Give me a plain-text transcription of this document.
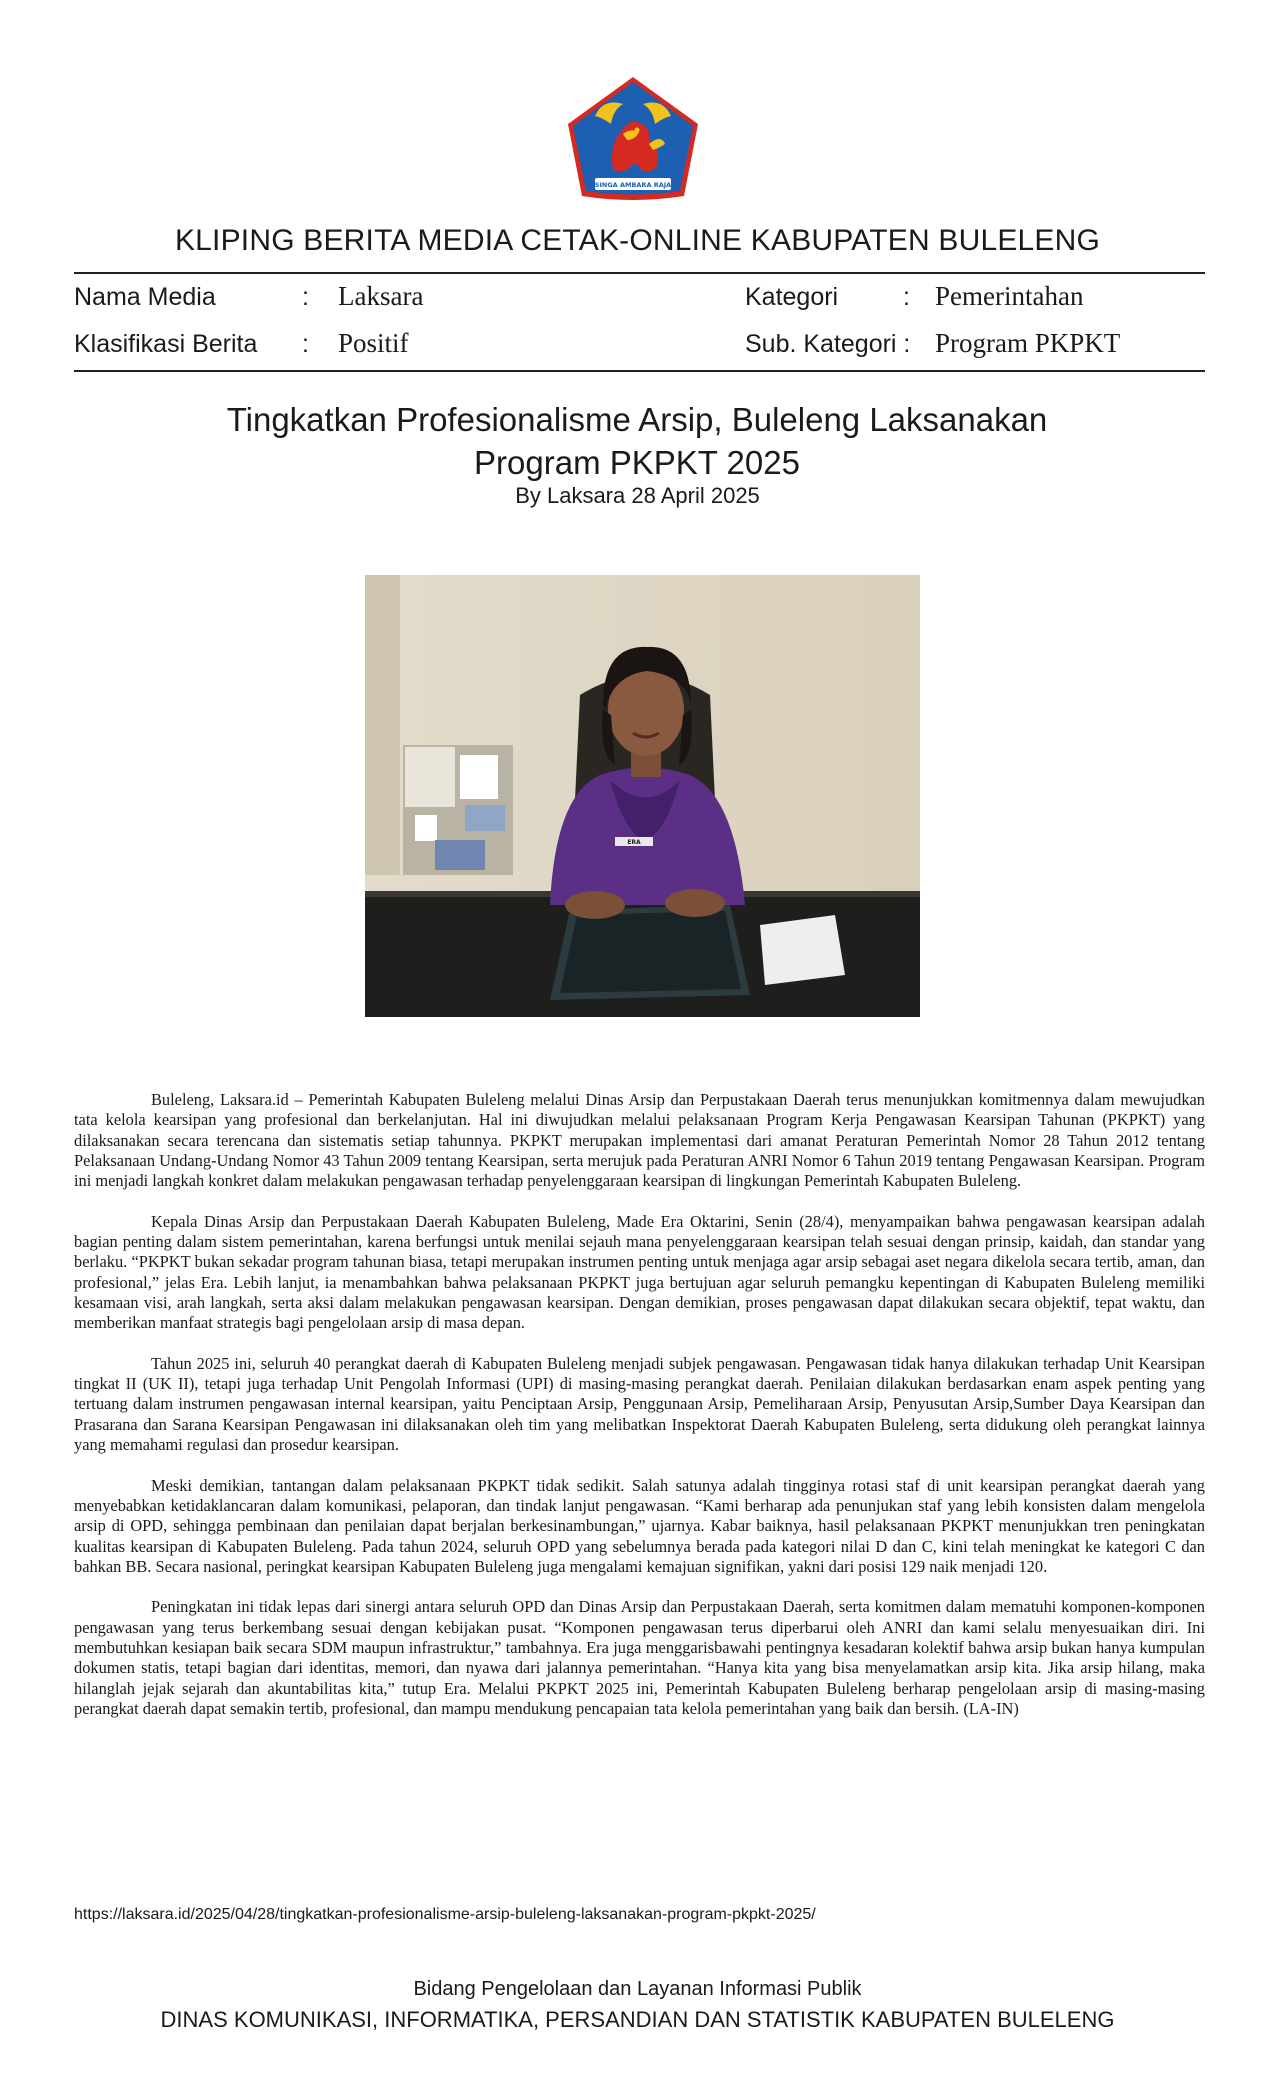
SINGA AMBARA RAJA
KLIPING BERITA MEDIA CETAK-ONLINE KABUPATEN BULELENG
Nama Media	: Laksara	Kategori	: Pemerintahan
Klasifikasi Berita : Positif	Sub. Kategori : Program PKPKT
Tingkatkan Profesionalisme Arsip, Buleleng Laksanakan
Program PKPKT 2025
By Laksara 28 April 2025
ERA

Buleleng, Laksara.id – Pemerintah Kabupaten Buleleng melalui Dinas Arsip dan Perpustakaan Daerah terus menunjukkan komitmennya dalam mewujudkan tata kelola kearsipan yang profesional dan berkelanjutan. Hal ini diwujudkan melalui pelaksanaan Program Kerja Pengawasan Kearsipan Tahunan (PKPKT) yang dilaksanakan secara terencana dan sistematis setiap tahunnya. PKPKT merupakan implementasi dari amanat Peraturan Pemerintah Nomor 28 Tahun 2012 tentang Pelaksanaan Undang-Undang Nomor 43 Tahun 2009 tentang Kearsipan, serta merujuk pada Peraturan ANRI Nomor 6 Tahun 2019 tentang Pengawasan Kearsipan. Program ini menjadi langkah konkret dalam melakukan pengawasan terhadap penyelenggaraan kearsipan di lingkungan Pemerintah Kabupaten Buleleng.

Kepala Dinas Arsip dan Perpustakaan Daerah Kabupaten Buleleng, Made Era Oktarini, Senin (28/4), menyampaikan bahwa pengawasan kearsipan adalah bagian penting dalam sistem pemerintahan, karena berfungsi untuk menilai sejauh mana penyelenggaraan kearsipan telah sesuai dengan prinsip, kaidah, dan standar yang berlaku. “PKPKT bukan sekadar program tahunan biasa, tetapi merupakan instrumen penting untuk menjaga agar arsip sebagai aset negara dikelola secara tertib, aman, dan profesional,” jelas Era. Lebih lanjut, ia menambahkan bahwa pelaksanaan PKPKT juga bertujuan agar seluruh pemangku kepentingan di Kabupaten Buleleng memiliki kesamaan visi, arah langkah, serta aksi dalam melakukan pengawasan kearsipan. Dengan demikian, proses pengawasan dapat dilakukan secara objektif, tepat waktu, dan memberikan manfaat strategis bagi pengelolaan arsip di masa depan.

Tahun 2025 ini, seluruh 40 perangkat daerah di Kabupaten Buleleng menjadi subjek pengawasan. Pengawasan tidak hanya dilakukan terhadap Unit Kearsipan tingkat II (UK II), tetapi juga terhadap Unit Pengolah Informasi (UPI) di masing-masing perangkat daerah. Penilaian dilakukan berdasarkan enam aspek penting yang tertuang dalam instrumen pengawasan internal kearsipan, yaitu Penciptaan Arsip, Penggunaan Arsip, Pemeliharaan Arsip, Penyusutan Arsip,Sumber Daya Kearsipan dan Prasarana dan Sarana Kearsipan Pengawasan ini dilaksanakan oleh tim yang melibatkan Inspektorat Daerah Kabupaten Buleleng, serta didukung oleh perangkat lainnya yang memahami regulasi dan prosedur kearsipan.

Meski demikian, tantangan dalam pelaksanaan PKPKT tidak sedikit. Salah satunya adalah tingginya rotasi staf di unit kearsipan perangkat daerah yang menyebabkan ketidaklancaran dalam komunikasi, pelaporan, dan tindak lanjut pengawasan. “Kami berharap ada penunjukan staf yang lebih konsisten dalam mengelola arsip di OPD, sehingga pembinaan dan penilaian dapat berjalan berkesinambungan,” ujarnya. Kabar baiknya, hasil pelaksanaan PKPKT menunjukkan tren peningkatan kualitas kearsipan di Kabupaten Buleleng. Pada tahun 2024, seluruh OPD yang sebelumnya berada pada kategori nilai D dan C, kini telah meningkat ke kategori C dan bahkan BB. Secara nasional, peringkat kearsipan Kabupaten Buleleng juga mengalami kemajuan signifikan, yakni dari posisi 129 naik menjadi 120.

Peningkatan ini tidak lepas dari sinergi antara seluruh OPD dan Dinas Arsip dan Perpustakaan Daerah, serta komitmen dalam mematuhi komponen-komponen pengawasan yang terus berkembang sesuai dengan kebijakan pusat. “Komponen pengawasan terus diperbarui oleh ANRI dan kami selalu menyesuaikan diri. Ini membutuhkan kesiapan baik secara SDM maupun infrastruktur,” tambahnya. Era juga menggarisbawahi pentingnya kesadaran kolektif bahwa arsip bukan hanya kumpulan dokumen statis, tetapi bagian dari identitas, memori, dan nyawa dari jalannya pemerintahan. “Hanya kita yang bisa menyelamatkan arsip kita. Jika arsip hilang, maka hilanglah jejak sejarah dan akuntabilitas kita,” tutup Era. Melalui PKPKT 2025 ini, Pemerintah Kabupaten Buleleng berharap pengelolaan arsip di masing-masing perangkat daerah dapat semakin tertib, profesional, dan mampu mendukung pencapaian tata kelola pemerintahan yang baik dan bersih. (LA-IN)

https://laksara.id/2025/04/28/tingkatkan-profesionalisme-arsip-buleleng-laksanakan-program-pkpkt-2025/
Bidang Pengelolaan dan Layanan Informasi Publik
DINAS KOMUNIKASI, INFORMATIKA, PERSANDIAN DAN STATISTIK KABUPATEN BULELENG
